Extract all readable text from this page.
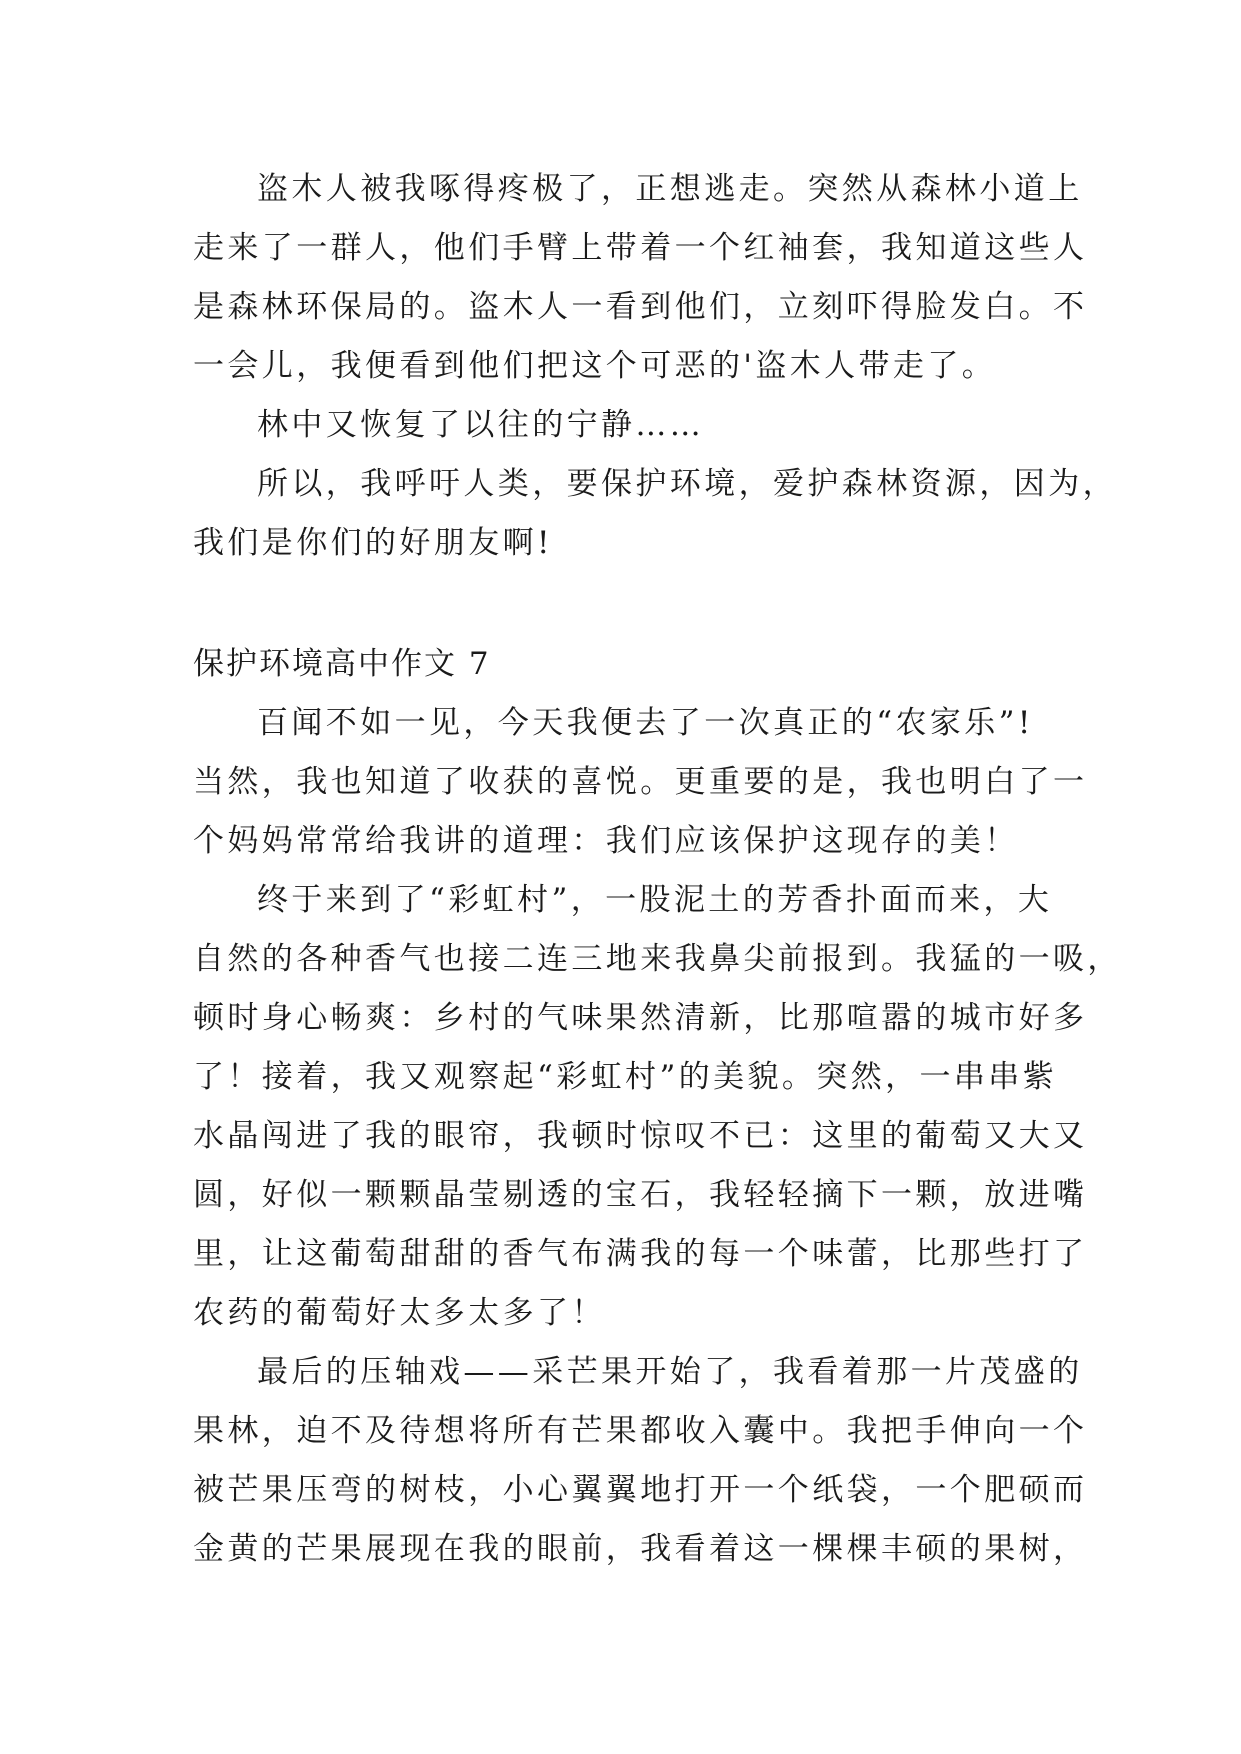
盗木人被我啄得疼极了，正想逃走。突然从森林小道上
走来了一群人，他们手臂上带着一个红袖套，我知道这些人
是森林环保局的。盗木人一看到他们，立刻吓得脸发白。不
一会儿，我便看到他们把这个可恶的'盗木人带走了。
林中又恢复了以往的宁静……
所以，我呼吁人类，要保护环境，爱护森林资源，因为，
我们是你们的好朋友啊!
保护环境高中作文 7
百闻不如一见，今天我便去了一次真正的“农家乐”!
当然，我也知道了收获的喜悦。更重要的是，我也明白了一
个妈妈常常给我讲的道理：我们应该保护这现存的美！
终于来到了“彩虹村”，一股泥土的芳香扑面而来，大
自然的各种香气也接二连三地来我鼻尖前报到。我猛的一吸，
顿时身心畅爽：乡村的气味果然清新，比那喧嚣的城市好多
了！接着，我又观察起“彩虹村”的美貌。突然，一串串紫
水晶闯进了我的眼帘，我顿时惊叹不已：这里的葡萄又大又
圆，好似一颗颗晶莹剔透的宝石，我轻轻摘下一颗，放进嘴
里，让这葡萄甜甜的香气布满我的每一个味蕾，比那些打了
农药的葡萄好太多太多了！
最后的压轴戏——采芒果开始了，我看着那一片茂盛的
果林，迫不及待想将所有芒果都收入囊中。我把手伸向一个
被芒果压弯的树枝，小心翼翼地打开一个纸袋，一个肥硕而
金黄的芒果展现在我的眼前，我看着这一棵棵丰硕的果树，
